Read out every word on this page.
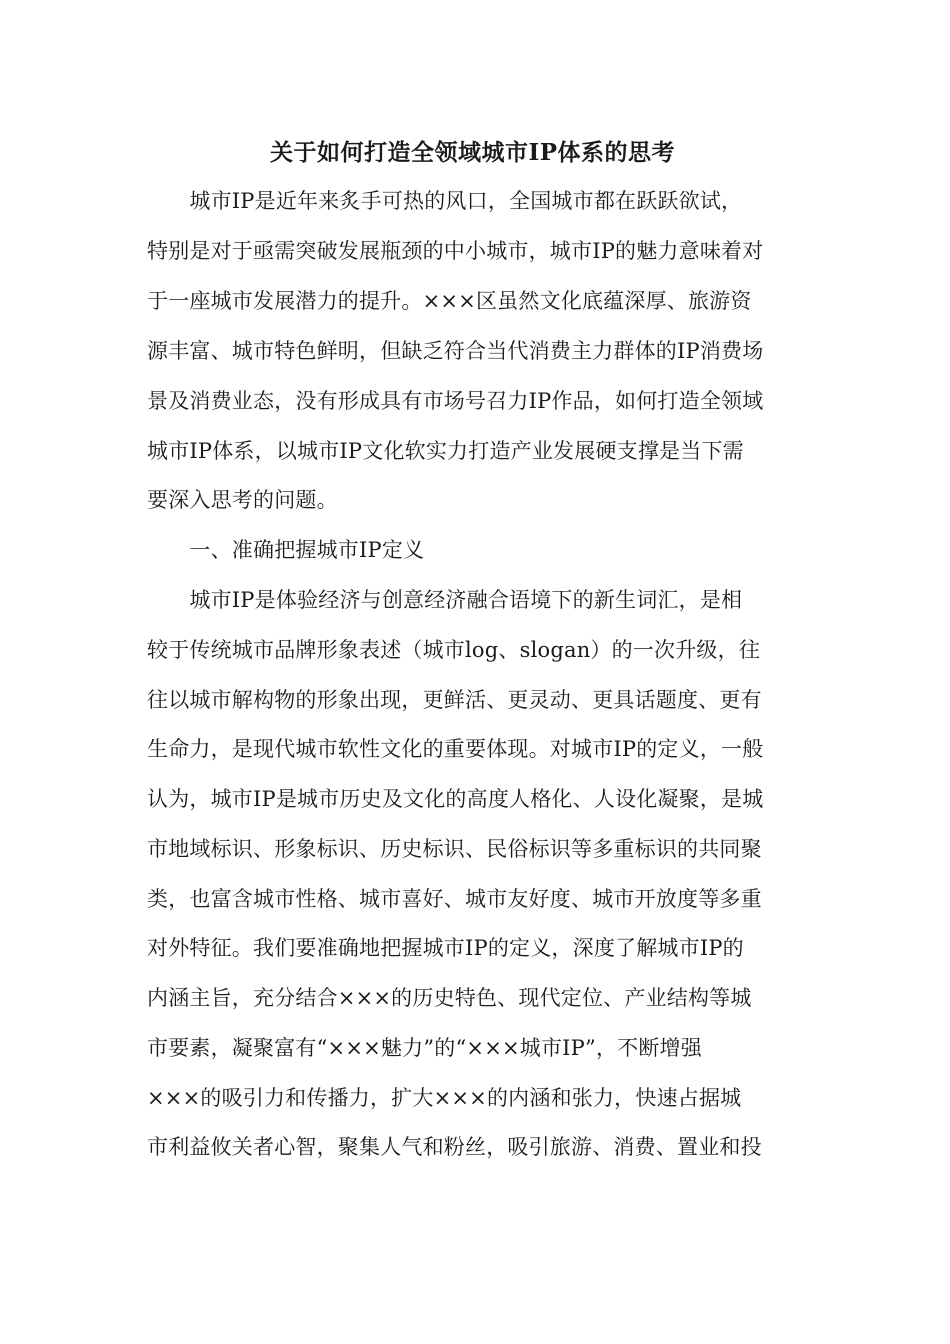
关于如何打造全领域城市IP体系的思考
　　城市IP是近年来炙手可热的风口，全国城市都在跃跃欲试，
特别是对于亟需突破发展瓶颈的中小城市，城市IP的魅力意味着对
于一座城市发展潜力的提升。×××区虽然文化底蕴深厚、旅游资
源丰富、城市特色鲜明，但缺乏符合当代消费主力群体的IP消费场
景及消费业态，没有形成具有市场号召力IP作品，如何打造全领域
城市IP体系，以城市IP文化软实力打造产业发展硬支撑是当下需
要深入思考的问题。
　　一、准确把握城市IP定义
　　城市IP是体验经济与创意经济融合语境下的新生词汇，是相
较于传统城市品牌形象表述（城市log、slogan）的一次升级，往
往以城市解构物的形象出现，更鲜活、更灵动、更具话题度、更有
生命力，是现代城市软性文化的重要体现。对城市IP的定义，一般
认为，城市IP是城市历史及文化的高度人格化、人设化凝聚，是城
市地域标识、形象标识、历史标识、民俗标识等多重标识的共同聚
类，也富含城市性格、城市喜好、城市友好度、城市开放度等多重
对外特征。我们要准确地把握城市IP的定义，深度了解城市IP的
内涵主旨，充分结合×××的历史特色、现代定位、产业结构等城
市要素，凝聚富有“×××魅力”的“×××城市IP”，不断增强
×××的吸引力和传播力，扩大×××的内涵和张力，快速占据城
市利益攸关者心智，聚集人气和粉丝，吸引旅游、消费、置业和投
